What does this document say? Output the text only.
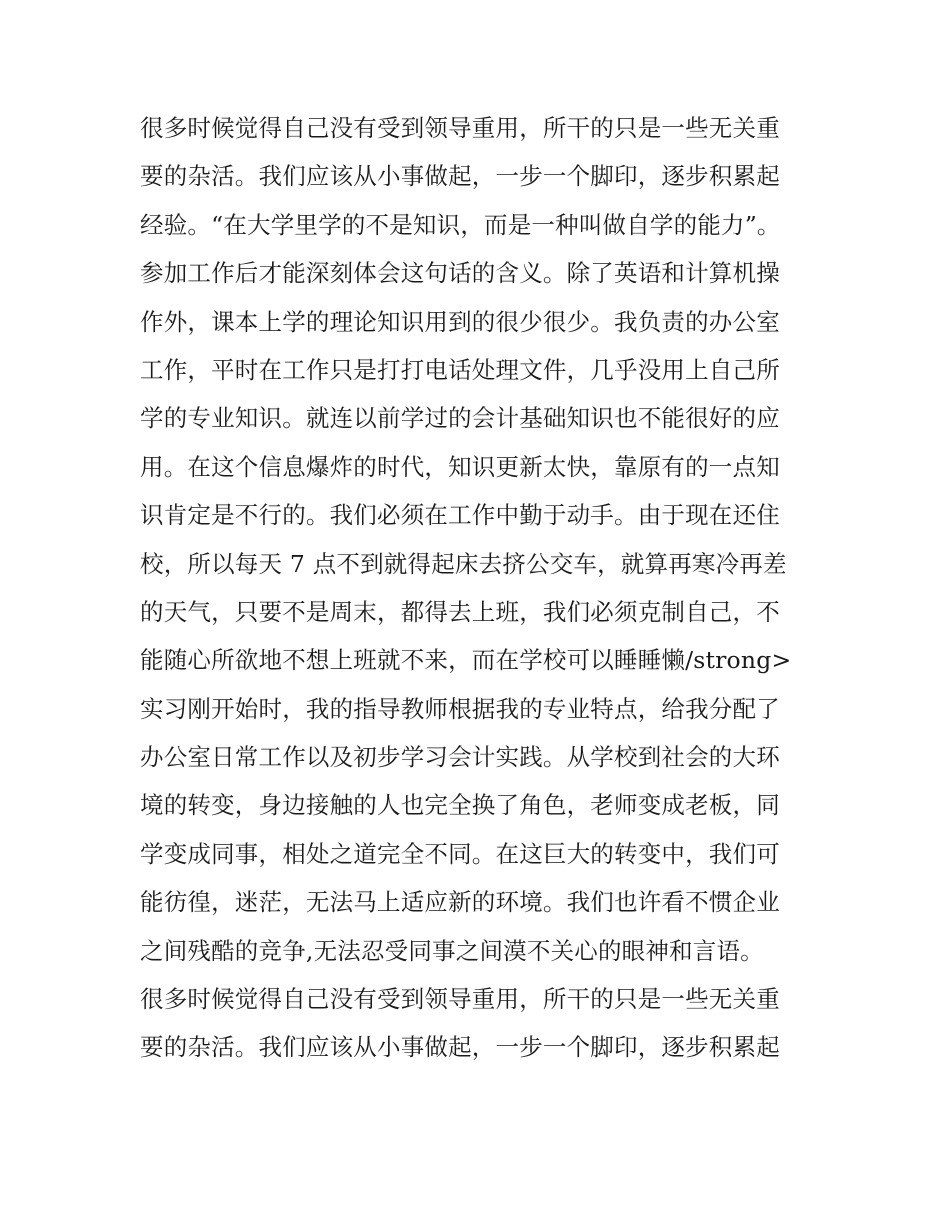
很多时候觉得自己没有受到领导重用，所干的只是一些无关重
要的杂活。我们应该从小事做起，一步一个脚印，逐步积累起
经验。“在大学里学的不是知识，而是一种叫做自学的能力”。
参加工作后才能深刻体会这句话的含义。除了英语和计算机操
作外，课本上学的理论知识用到的很少很少。我负责的办公室
工作，平时在工作只是打打电话处理文件，几乎没用上自己所
学的专业知识。就连以前学过的会计基础知识也不能很好的应
用。在这个信息爆炸的时代，知识更新太快，靠原有的一点知
识肯定是不行的。我们必须在工作中勤于动手。由于现在还住
校，所以每天 7 点不到就得起床去挤公交车，就算再寒冷再差
的天气，只要不是周末，都得去上班，我们必须克制自己，不
能随心所欲地不想上班就不来，而在学校可以睡睡懒/strong>
实习刚开始时，我的指导教师根据我的专业特点，给我分配了
办公室日常工作以及初步学习会计实践。从学校到社会的大环
境的转变，身边接触的人也完全换了角色，老师变成老板，同
学变成同事，相处之道完全不同。在这巨大的转变中，我们可
能彷徨，迷茫，无法马上适应新的环境。我们也许看不惯企业
之间残酷的竞争,无法忍受同事之间漠不关心的眼神和言语。
很多时候觉得自己没有受到领导重用，所干的只是一些无关重
要的杂活。我们应该从小事做起，一步一个脚印，逐步积累起
